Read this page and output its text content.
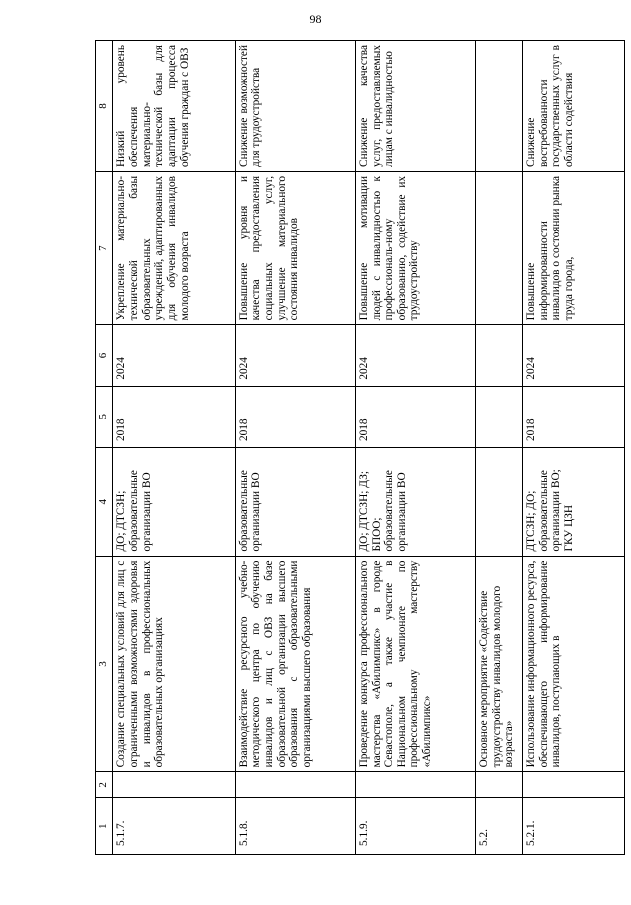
98
1	2	3	4	5	6	7	8
5.1.7.		Создание специальных условий для лиц с ограниченными возможностями здоровья и инвалидов в профессиональных образовательных организациях	ДО; ДТСЗН; образовательные организации ВО	2018	2024	Укрепление материально-технической базы образовательных учреждений, адаптированных для обучения инвалидов молодого возраста	Низкий уровень обеспечения материально-технической базы для адаптации процесса обучения граждан с ОВЗ
5.1.8.		Взаимодействие ресурсного учебно-методического центра по обучению инвалидов и лиц с ОВЗ на базе образовательной организации высшего образования с образовательными организациями высшего образования	образовательные организации ВО	2018	2024	Повышение уровня и качества предоставления социальных услуг, улучшение материального состояния инвалидов	Снижение возможностей для трудоустройства
5.1.9.		Проведение конкурса профессионального мастерства «Абилимпикс» в городе Севастополе, а также участие в Национальном чемпионате по профессиональному мастерству «Абилимпикс»	ДО; ДТСЗН; ДЗ; БПОО; образовательные организации ВО	2018	2024	Повышение мотивации людей с инвалидностью к профессиональ-ному образованию, содействие их трудоустройству	Снижение качества услуг, предоставляемых лицам с инвалидностью
5.2.		Основное мероприятие «Содействие трудоустройству инвалидов молодого возраста»					
5.2.1.		Использование информационного ресурса, обеспечивающего информирование инвалидов, поступающих в	ДТСЗН; ДО; образовательные организации ВО; ГКУ ЦЗН	2018	2024	Повышение информированности инвалидов о состоянии рынка труда города,	Снижение востребованности государственных услуг в области содействия
